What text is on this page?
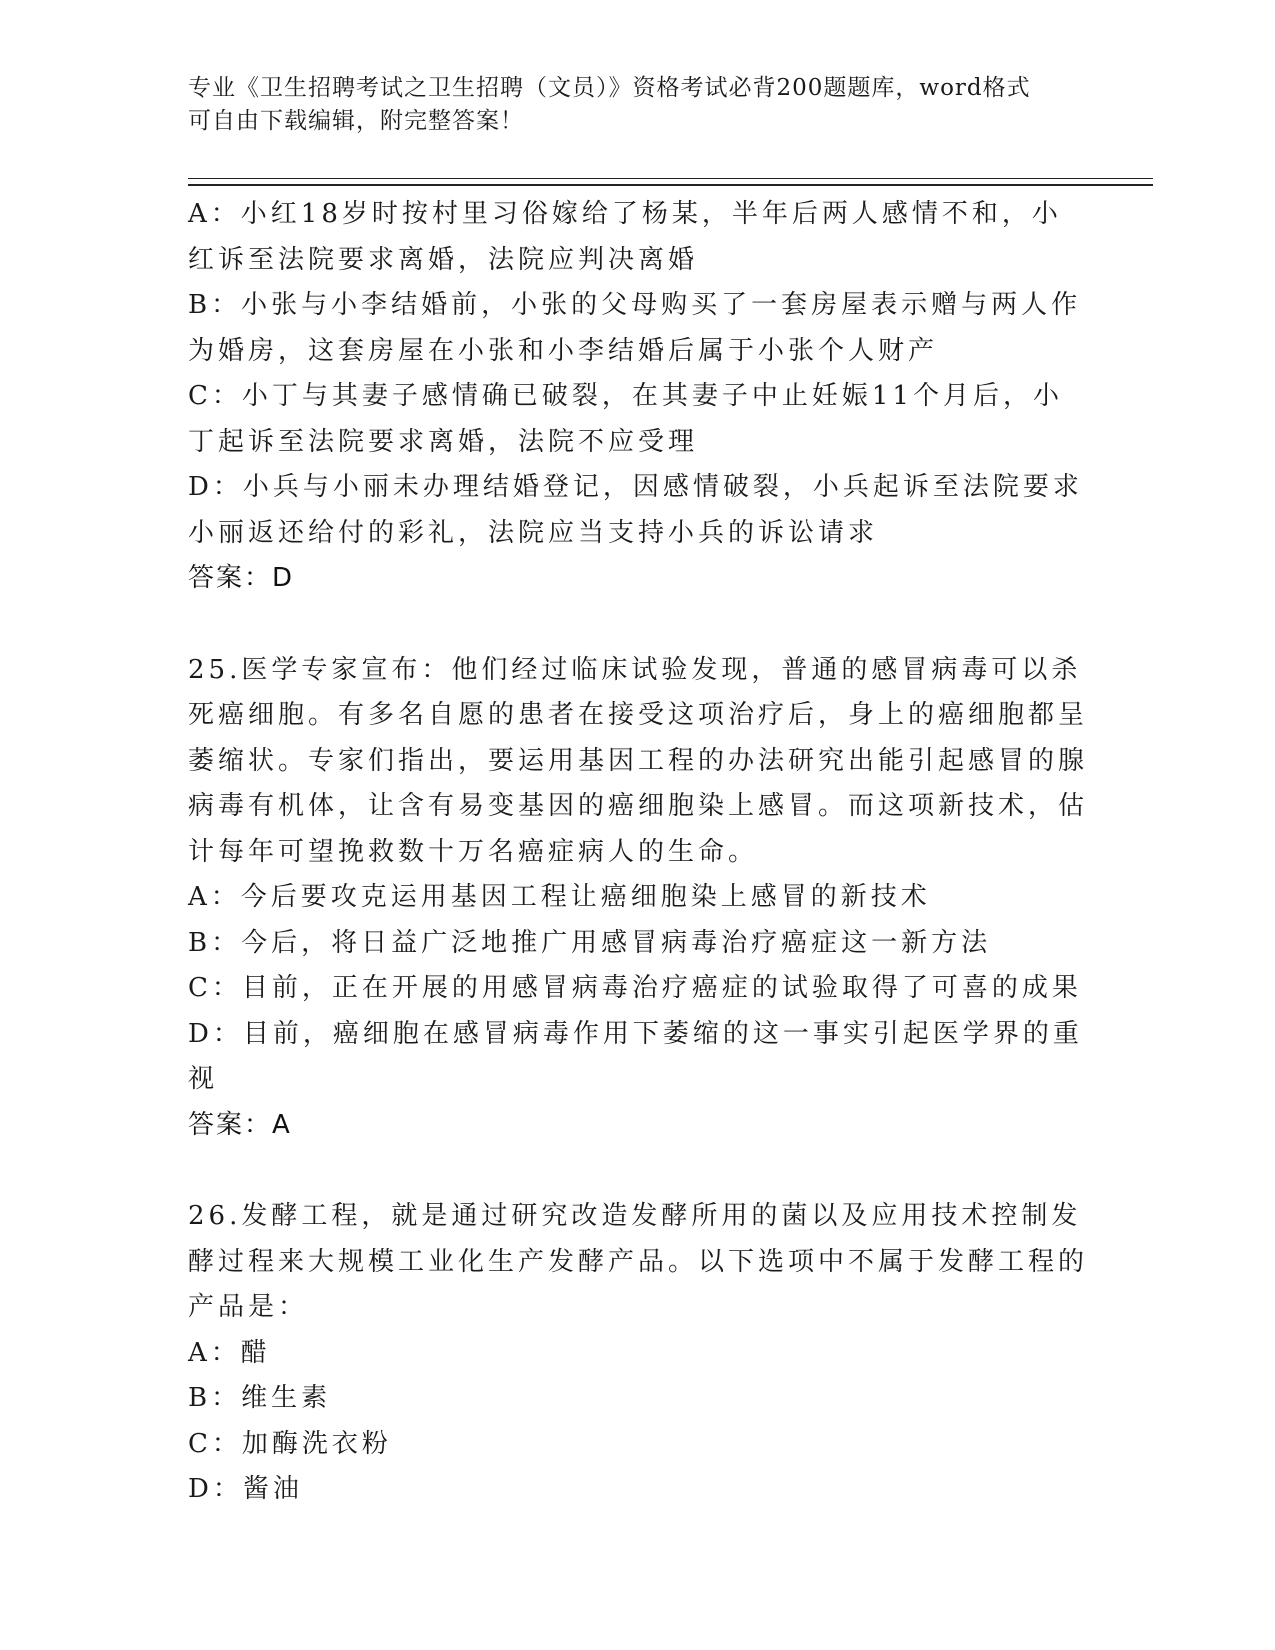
专业《卫生招聘考试之卫生招聘（文员）》资格考试必背200题题库，word格式
可自由下载编辑，附完整答案！
A：小红18岁时按村里习俗嫁给了杨某，半年后两人感情不和，小红诉至法院要求离婚，法院应判决离婚
B：小张与小李结婚前，小张的父母购买了一套房屋表示赠与两人作为婚房，这套房屋在小张和小李结婚后属于小张个人财产
C：小丁与其妻子感情确已破裂，在其妻子中止妊娠11个月后，小丁起诉至法院要求离婚，法院不应受理
D：小兵与小丽未办理结婚登记，因感情破裂，小兵起诉至法院要求小丽返还给付的彩礼，法院应当支持小兵的诉讼请求
答案：D
25.医学专家宣布：他们经过临床试验发现，普通的感冒病毒可以杀死癌细胞。有多名自愿的患者在接受这项治疗后，身上的癌细胞都呈萎缩状。专家们指出，要运用基因工程的办法研究出能引起感冒的腺病毒有机体，让含有易变基因的癌细胞染上感冒。而这项新技术，估计每年可望挽救数十万名癌症病人的生命。
A：今后要攻克运用基因工程让癌细胞染上感冒的新技术
B：今后，将日益广泛地推广用感冒病毒治疗癌症这一新方法
C：目前，正在开展的用感冒病毒治疗癌症的试验取得了可喜的成果
D：目前，癌细胞在感冒病毒作用下萎缩的这一事实引起医学界的重视
答案：A
26.发酵工程，就是通过研究改造发酵所用的菌以及应用技术控制发酵过程来大规模工业化生产发酵产品。以下选项中不属于发酵工程的产品是：
A：醋
B：维生素
C：加酶洗衣粉
D：酱油
